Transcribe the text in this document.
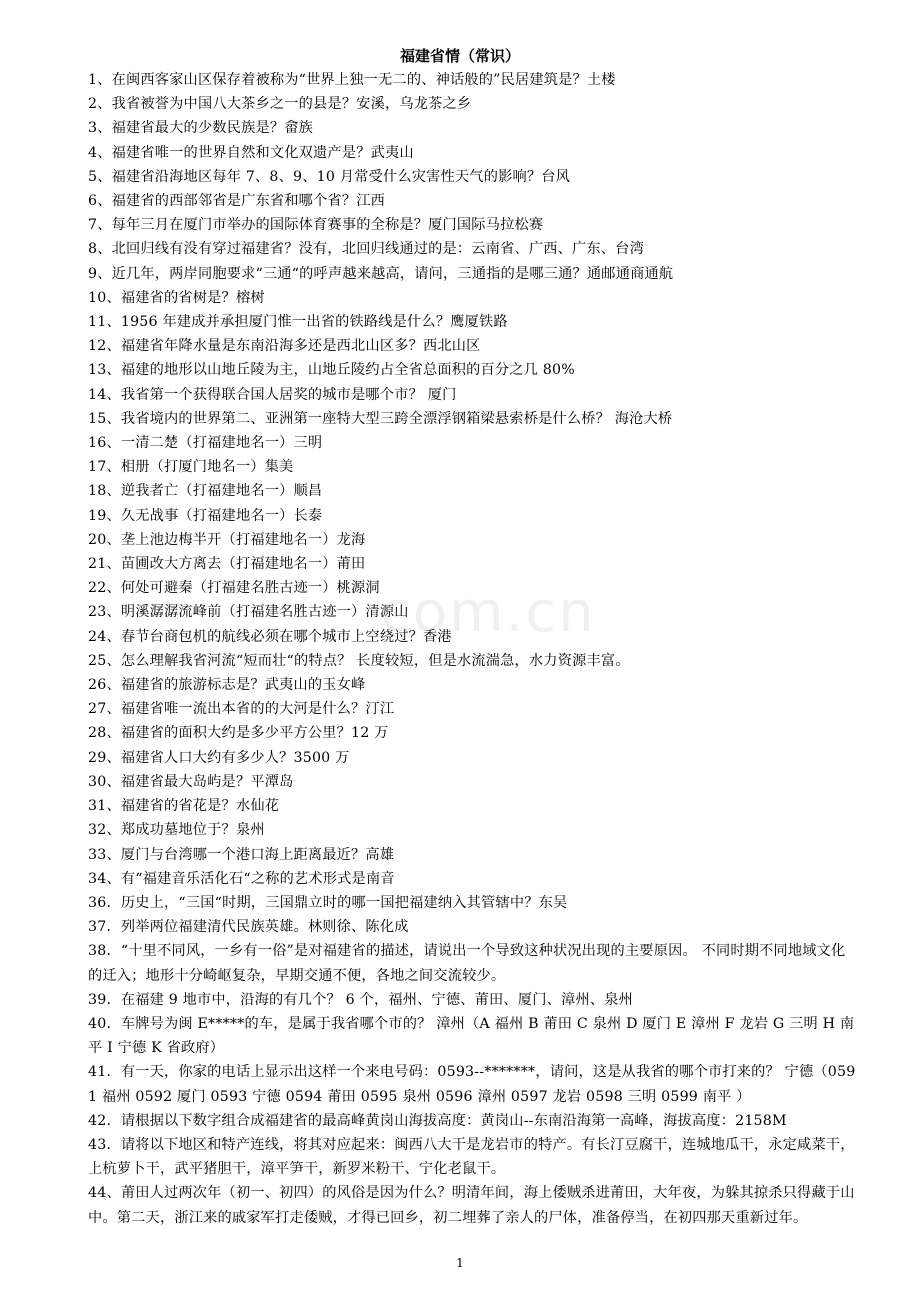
福建省情（常识）

1、在闽西客家山区保存着被称为“世界上独一无二的、神话般的”民居建筑是？土楼

2、我省被誉为中国八大茶乡之一的县是？安溪，乌龙茶之乡

3、福建省最大的少数民族是？畲族

4、福建省唯一的世界自然和文化双遗产是？武夷山

5、福建省沿海地区每年 7、8、9、10 月常受什么灾害性天气的影响？台风

6、福建省的西部邻省是广东省和哪个省？江西

7、每年三月在厦门市举办的国际体育赛事的全称是？厦门国际马拉松赛

8、北回归线有没有穿过福建省？没有，北回归线通过的是：云南省、广西、广东、台湾

9、近几年，两岸同胞要求“三通“的呼声越来越高，请问，三通指的是哪三通？通邮通商通航

10、福建省的省树是？榕树

11、1956 年建成并承担厦门惟一出省的铁路线是什么？鹰厦铁路

12、福建省年降水量是东南沿海多还是西北山区多？西北山区

13、福建的地形以山地丘陵为主，山地丘陵约占全省总面积的百分之几 80%

14、我省第一个获得联合国人居奖的城市是哪个市？ 厦门

15、我省境内的世界第二、亚洲第一座特大型三跨全漂浮钢箱梁悬索桥是什么桥？ 海沧大桥

16、一清二楚（打福建地名一）三明

17、相册（打厦门地名一）集美

18、逆我者亡（打福建地名一）顺昌

19、久无战事（打福建地名一）长泰

20、垄上池边梅半开（打福建地名一）龙海

21、苗圃改大方离去（打福建地名一）莆田

22、何处可避秦（打福建名胜古迹一）桃源洞

23、明溪潺潺流峰前（打福建名胜古迹一）清源山

24、春节台商包机的航线必须在哪个城市上空绕过？香港

25、怎么理解我省河流“短而壮“的特点？ 长度较短，但是水流湍急，水力资源丰富。

26、福建省的旅游标志是？武夷山的玉女峰

27、福建省唯一流出本省的的大河是什么？汀江

28、福建省的面积大约是多少平方公里？12 万

29、福建省人口大约有多少人？3500 万

30、福建省最大岛屿是？平潭岛

31、福建省的省花是？水仙花

32、郑成功墓地位于？泉州

33、厦门与台湾哪一个港口海上距离最近？高雄

34、有“福建音乐活化石“之称的艺术形式是南音

36．历史上，“三国“时期，三国鼎立时的哪一国把福建纳入其管辖中？东吴

37．列举两位福建清代民族英雄。林则徐、陈化成

38．“十里不同风，一乡有一俗”是对福建省的描述，请说出一个导致这种状况出现的主要原因。 不同时期不同地域文化的迁入；地形十分崎岖复杂，早期交通不便，各地之间交流较少。

39．在福建 9 地市中，沿海的有几个？ 6 个，福州、宁德、莆田、厦门、漳州、泉州

40．车牌号为闽 E*****的车，是属于我省哪个市的？ 漳州（A 福州 B 莆田 C 泉州 D 厦门 E 漳州 F 龙岩 G 三明 H 南平 I 宁德 K 省政府）

41．有一天，你家的电话上显示出这样一个来电号码：0593--*******，请问，这是从我省的哪个市打来的？ 宁德（0591 福州 0592 厦门 0593 宁德 0594 莆田 0595 泉州 0596 漳州 0597 龙岩 0598 三明 0599 南平 ）

42．请根据以下数字组合成福建省的最高峰黄岗山海拔高度：黄岗山--东南沿海第一高峰，海拔高度：2158M

43．请将以下地区和特产连线，将其对应起来：闽西八大干是龙岩市的特产。有长汀豆腐干，连城地瓜干，永定咸菜干，上杭萝卜干，武平猪胆干，漳平笋干，新罗米粉干、宁化老鼠干。

44、莆田人过两次年（初一、初四）的风俗是因为什么？明清年间，海上倭贼杀进莆田，大年夜，为躲其掠杀只得藏于山中。第二天，浙江来的戚家军打走倭贼，才得已回乡，初二埋葬了亲人的尸体，准备停当，在初四那天重新过年。

com.cn
1
